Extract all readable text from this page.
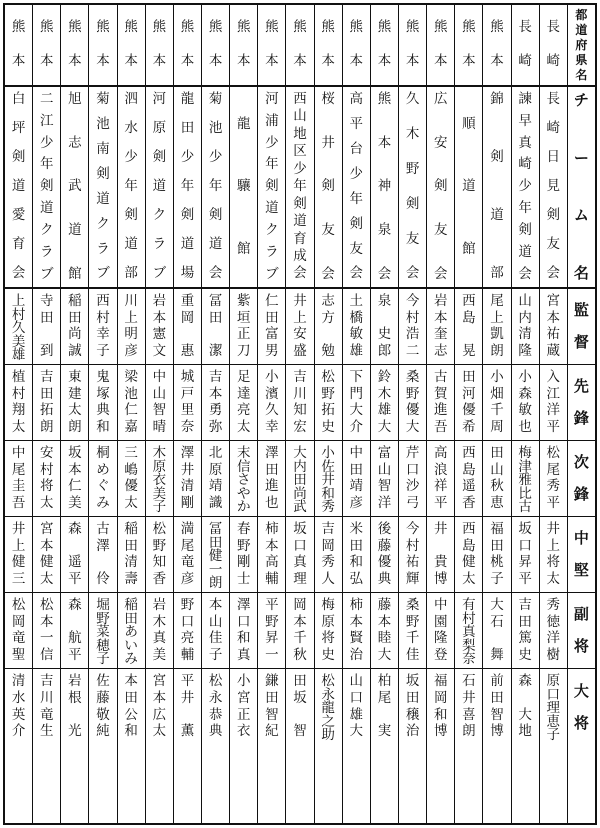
都
道
府
県
名
チ
ー
ム
名
監
督
先
鋒
次
鋒
中
堅
副
将
大
将
長
崎
長
崎
日
見
剣
友
会
宮
本
祐
蔵
入
江
洋
平
松
尾
秀
平
井
上
将
太
秀
徳
洋
樹
原
口
理
恵
子
長
崎
諫
早
真
崎
少
年
剣
道
会
山
内
清
隆
小
森
敏
也
梅
津
雅
比
古
坂
口
昇
平
吉
田
篤
史
森

大
地
熊
本
錦
剣
道
部
尾
上
凱
朗
小
畑
千
周
田
山
秋
恵
福
田
桃
子
大
石

舞
前
田
智
博
熊
本
順
道
館
西
島

晃
田
河
優
希
西
島
遥
香
西
島
健
太
有
村
真
梨
奈
石
井
喜
朗
熊
本
広
安
剣
友
会
岩
本
奎
志
古
賀
進
吾
高
浪
祥
平
井

貴
博
中
園
隆
登
福
岡
和
博
熊
本
久
木
野
剣
友
会
今
村
浩
二
桑
野
優
大
芹
口
沙
弓
今
村
祐
輝
桑
野
千
佳
坂
田
穣
治
熊
本
熊
本
神
泉
会
泉

史
郎
鈴
木
雄
大
富
山
智
洋
後
藤
優
典
藤
本
睦
大
柏
尾

実
熊
本
高
平
台
少
年
剣
友
会
土
橋
敏
雄
下
門
大
介
中
田
靖
彦
米
田
和
弘
柿
本
賢
治
山
口
雄
大
熊
本
桜
井
剣
友
会
志
方

勉
松
野
拓
史
小
佐
井
和
秀
吉
岡
秀
人
梅
原
将
史
松
永
龍
之
助
熊
本
西
山
地
区
少
年
剣
道
育
成
会
井
上
安
盛
吉
川
知
宏
大
内
田
尚
武
坂
口
真
理
岡
本
千
秋
田
坂

智
熊
本
河
浦
少
年
剣
道
ク
ラ
ブ
仁
田
富
男
小
濱
久
幸
澤
田
進
也
柿
本
高
輔
平
野
昇
一
鎌
田
智
紀
熊
本
龍
驤
館
紫
垣
正
刀
足
達
亮
太
末
信
さ
や
か
春
野
剛
士
澤
口
和
真
小
宮
正
衣
熊
本
菊
池
少
年
剣
道
会
冨
田

潔
吉
本
勇
弥
北
原
靖
識
冨
田
健
一
朗
本
山
佳
子
松
永
恭
典
熊
本
龍
田
少
年
剣
道
場
重
岡

惠
城
戸
里
奈
澤
井
清
剛
満
尾
竜
彦
野
口
亮
輔
平
井

薫
熊
本
河
原
剣
道
ク
ラ
ブ
岩
本
憲
文
中
山
智
晴
木
原
衣
美
子
松
野
知
香
岩
木
真
美
宮
本
広
太
熊
本
泗
水
少
年
剣
道
部
川
上
明
彦
梁
池
仁
嘉
三
嶋
優
太
稲
田
清
壽
稲
田
あ
い
み
本
田
公
和
熊
本
菊
池
南
剣
道
ク
ラ
ブ
西
村
幸
子
鬼
塚
典
和
桐
め
ぐ
み
古
澤

伶
堀
野
菜
穂
子
佐
藤
敬
純
熊
本
旭
志
武
道
館
稲
田
尚
誠
東
建
太
朗
坂
本
仁
美
森

遥
平
森

航
平
岩
根

光
熊
本
二
江
少
年
剣
道
ク
ラ
ブ
寺
田

到
吉
田
拓
朗
安
村
将
太
宮
本
健
太
松
本
一
信
吉
川
竜
生
熊
本
白
坪
剣
道
愛
育
会
上
村
久
美
雄
植
村
翔
太
中
尾
圭
吾
井
上
健
三
松
岡
竜
聖
清
水
英
介
